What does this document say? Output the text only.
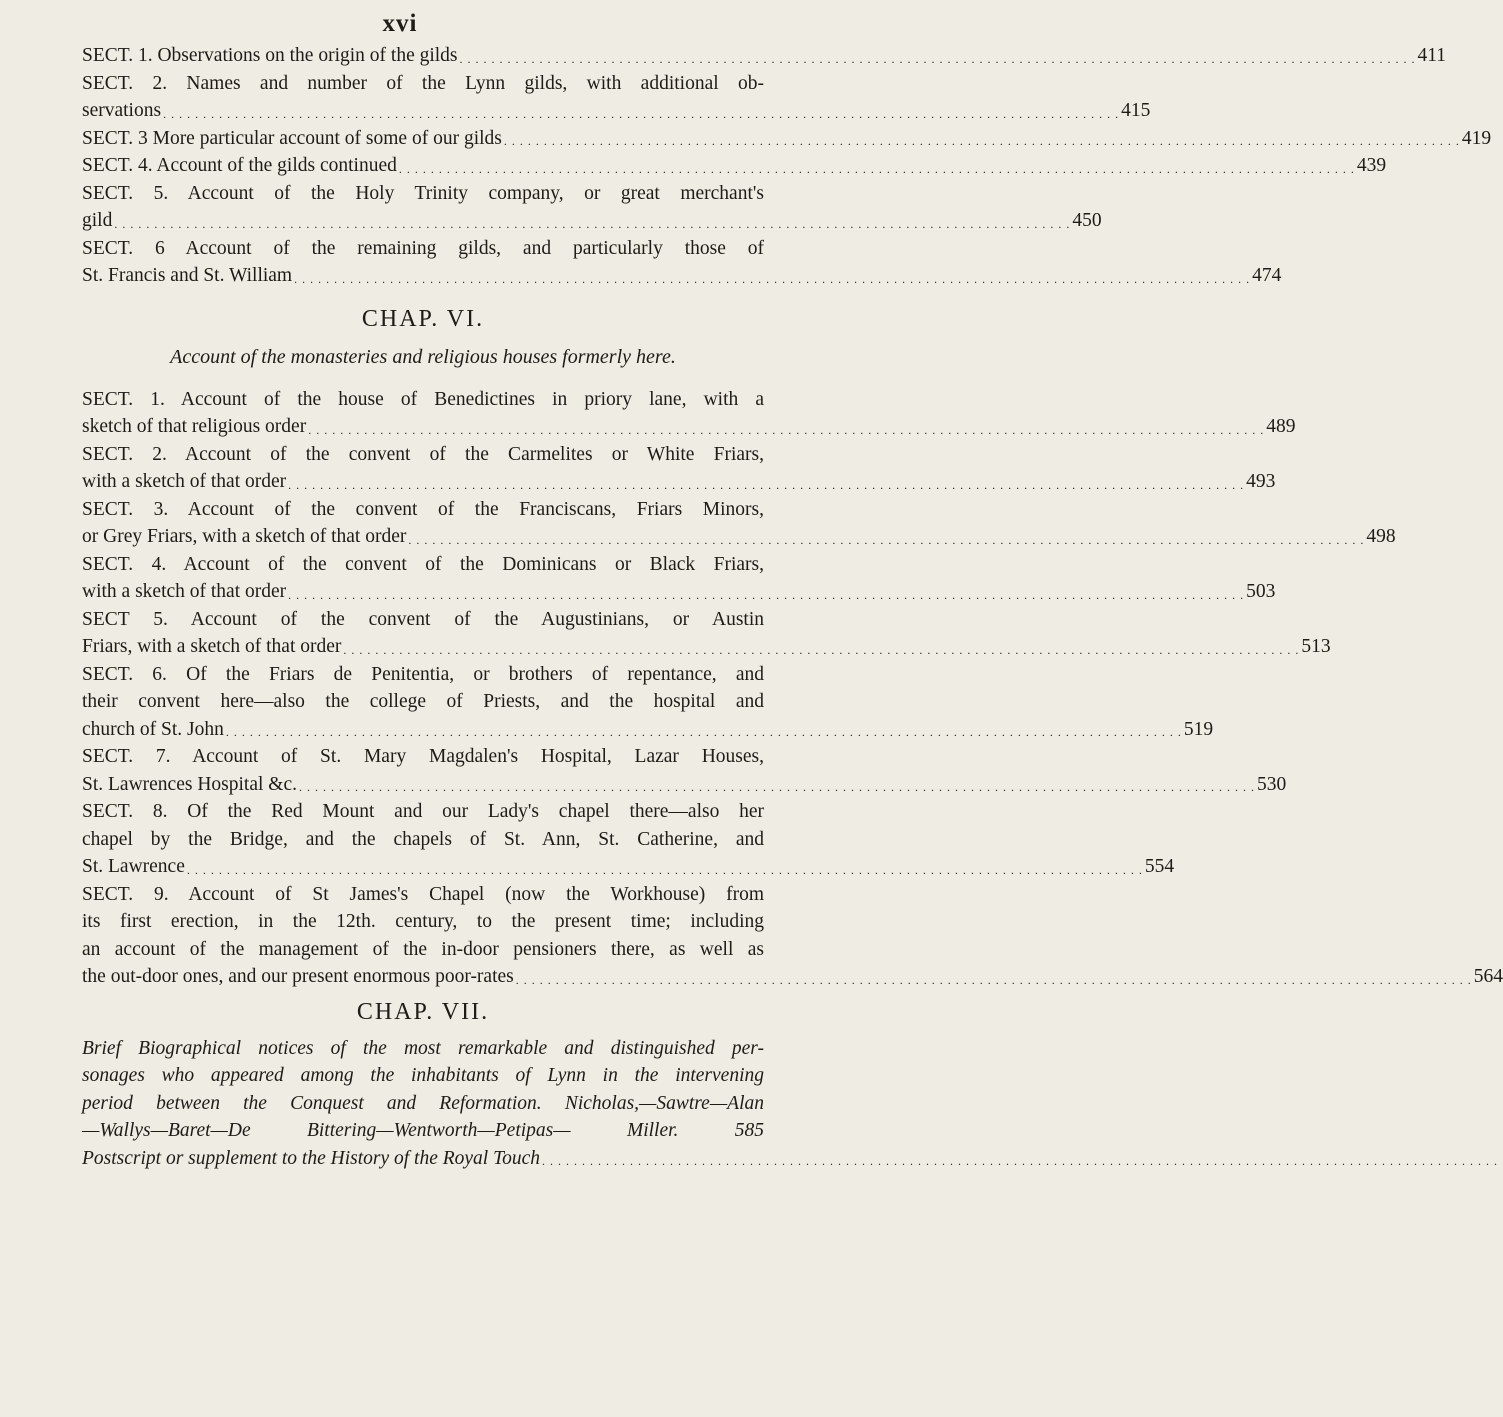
xvi
SECT. 1. Observations on the origin of the gilds . . . . . . . . . . . . . . . . . . . . . . . . . . . . . . . . . . . . . . . . . . . . . . . . . . . . . . . . . . . . . . . . . . . . . . . . . . . . . . . . . . . . . . . . . . . . . . . . . . . . . . . . . . . . . . . . . . . . . . . . 411
SECT. 2. Names and number of the Lynn gilds, with additional ob-
servations . . . . . . . . . . . . . . . . . . . . . . . . . . . . . . . . . . . . . . . . . . . . . . . . . . . . . . . . . . . . . . . . . . . . . . . . . . . . . . . . . . . . . . . . . . . . . . . . . . . . . . . . . . . . . . . . . . . . . . . . 415
SECT. 3 More particular account of some of our gilds . . . . . . . . . . . . . . . . . . . . . . . . . . . . . . . . . . . . . . . . . . . . . . . . . . . . . . . . . . . . . . . . . . . . . . . . . . . . . . . . . . . . . . . . . . . . . . . . . . . . . . . . . . . . . . . . . . . . . . . . 419
SECT. 4. Account of the gilds continued . . . . . . . . . . . . . . . . . . . . . . . . . . . . . . . . . . . . . . . . . . . . . . . . . . . . . . . . . . . . . . . . . . . . . . . . . . . . . . . . . . . . . . . . . . . . . . . . . . . . . . . . . . . . . . . . . . . . . . . . 439
SECT. 5. Account of the Holy Trinity company, or great merchant's
gild . . . . . . . . . . . . . . . . . . . . . . . . . . . . . . . . . . . . . . . . . . . . . . . . . . . . . . . . . . . . . . . . . . . . . . . . . . . . . . . . . . . . . . . . . . . . . . . . . . . . . . . . . . . . . . . . . . . . . . . . 450
SECT. 6 Account of the remaining gilds, and particularly those of
St. Francis and St. William . . . . . . . . . . . . . . . . . . . . . . . . . . . . . . . . . . . . . . . . . . . . . . . . . . . . . . . . . . . . . . . . . . . . . . . . . . . . . . . . . . . . . . . . . . . . . . . . . . . . . . . . . . . . . . . . . . . . . . . . 474
CHAP. VI.
Account of the monasteries and religious houses formerly here.
SECT. 1. Account of the house of Benedictines in priory lane, with a
sketch of that religious order . . . . . . . . . . . . . . . . . . . . . . . . . . . . . . . . . . . . . . . . . . . . . . . . . . . . . . . . . . . . . . . . . . . . . . . . . . . . . . . . . . . . . . . . . . . . . . . . . . . . . . . . . . . . . . . . . . . . . . . . 489
SECT. 2. Account of the convent of the Carmelites or White Friars,
with a sketch of that order . . . . . . . . . . . . . . . . . . . . . . . . . . . . . . . . . . . . . . . . . . . . . . . . . . . . . . . . . . . . . . . . . . . . . . . . . . . . . . . . . . . . . . . . . . . . . . . . . . . . . . . . . . . . . . . . . . . . . . . . 493
SECT. 3. Account of the convent of the Franciscans, Friars Minors,
or Grey Friars, with a sketch of that order . . . . . . . . . . . . . . . . . . . . . . . . . . . . . . . . . . . . . . . . . . . . . . . . . . . . . . . . . . . . . . . . . . . . . . . . . . . . . . . . . . . . . . . . . . . . . . . . . . . . . . . . . . . . . . . . . . . . . . . . 498
SECT. 4. Account of the convent of the Dominicans or Black Friars,
with a sketch of that order . . . . . . . . . . . . . . . . . . . . . . . . . . . . . . . . . . . . . . . . . . . . . . . . . . . . . . . . . . . . . . . . . . . . . . . . . . . . . . . . . . . . . . . . . . . . . . . . . . . . . . . . . . . . . . . . . . . . . . . . 503
SECT 5. Account of the convent of the Augustinians, or Austin
Friars, with a sketch of that order . . . . . . . . . . . . . . . . . . . . . . . . . . . . . . . . . . . . . . . . . . . . . . . . . . . . . . . . . . . . . . . . . . . . . . . . . . . . . . . . . . . . . . . . . . . . . . . . . . . . . . . . . . . . . . . . . . . . . . . . 513
SECT. 6. Of the Friars de Penitentia, or brothers of repentance, and
their convent here—also the college of Priests, and the hospital and
church of St. John . . . . . . . . . . . . . . . . . . . . . . . . . . . . . . . . . . . . . . . . . . . . . . . . . . . . . . . . . . . . . . . . . . . . . . . . . . . . . . . . . . . . . . . . . . . . . . . . . . . . . . . . . . . . . . . . . . . . . . . . 519
SECT. 7. Account of St. Mary Magdalen's Hospital, Lazar Houses,
St. Lawrences Hospital &c. . . . . . . . . . . . . . . . . . . . . . . . . . . . . . . . . . . . . . . . . . . . . . . . . . . . . . . . . . . . . . . . . . . . . . . . . . . . . . . . . . . . . . . . . . . . . . . . . . . . . . . . . . . . . . . . . . . . . . . . . 530
SECT. 8. Of the Red Mount and our Lady's chapel there—also her
chapel by the Bridge, and the chapels of St. Ann, St. Catherine, and
St. Lawrence . . . . . . . . . . . . . . . . . . . . . . . . . . . . . . . . . . . . . . . . . . . . . . . . . . . . . . . . . . . . . . . . . . . . . . . . . . . . . . . . . . . . . . . . . . . . . . . . . . . . . . . . . . . . . . . . . . . . . . . . 554
SECT. 9. Account of St James's Chapel (now the Workhouse) from
its first erection, in the 12th. century, to the present time; including
an account of the management of the in-door pensioners there, as well as
the out-door ones, and our present enormous poor-rates . . . . . . . . . . . . . . . . . . . . . . . . . . . . . . . . . . . . . . . . . . . . . . . . . . . . . . . . . . . . . . . . . . . . . . . . . . . . . . . . . . . . . . . . . . . . . . . . . . . . . . . . . . . . . . . . . . . . . . . . 564
CHAP. VII.
Brief Biographical notices of the most remarkable and distinguished per-
sonages who appeared among the inhabitants of Lynn in the intervening
period between the Conquest and Reformation. Nicholas,—Sawtre—Alan
—Wallys—Baret—De Bittering—Wentworth—Petipas— Miller. 585
Postscript or supplement to the History of the Royal Touch . . . . . . . . . . . . . . . . . . . . . . . . . . . . . . . . . . . . . . . . . . . . . . . . . . . . . . . . . . . . . . . . . . . . . . . . . . . . . . . . . . . . . . . . . . . . . . . . . . . . . . . . . . . . . . . . . . . . . . . .
